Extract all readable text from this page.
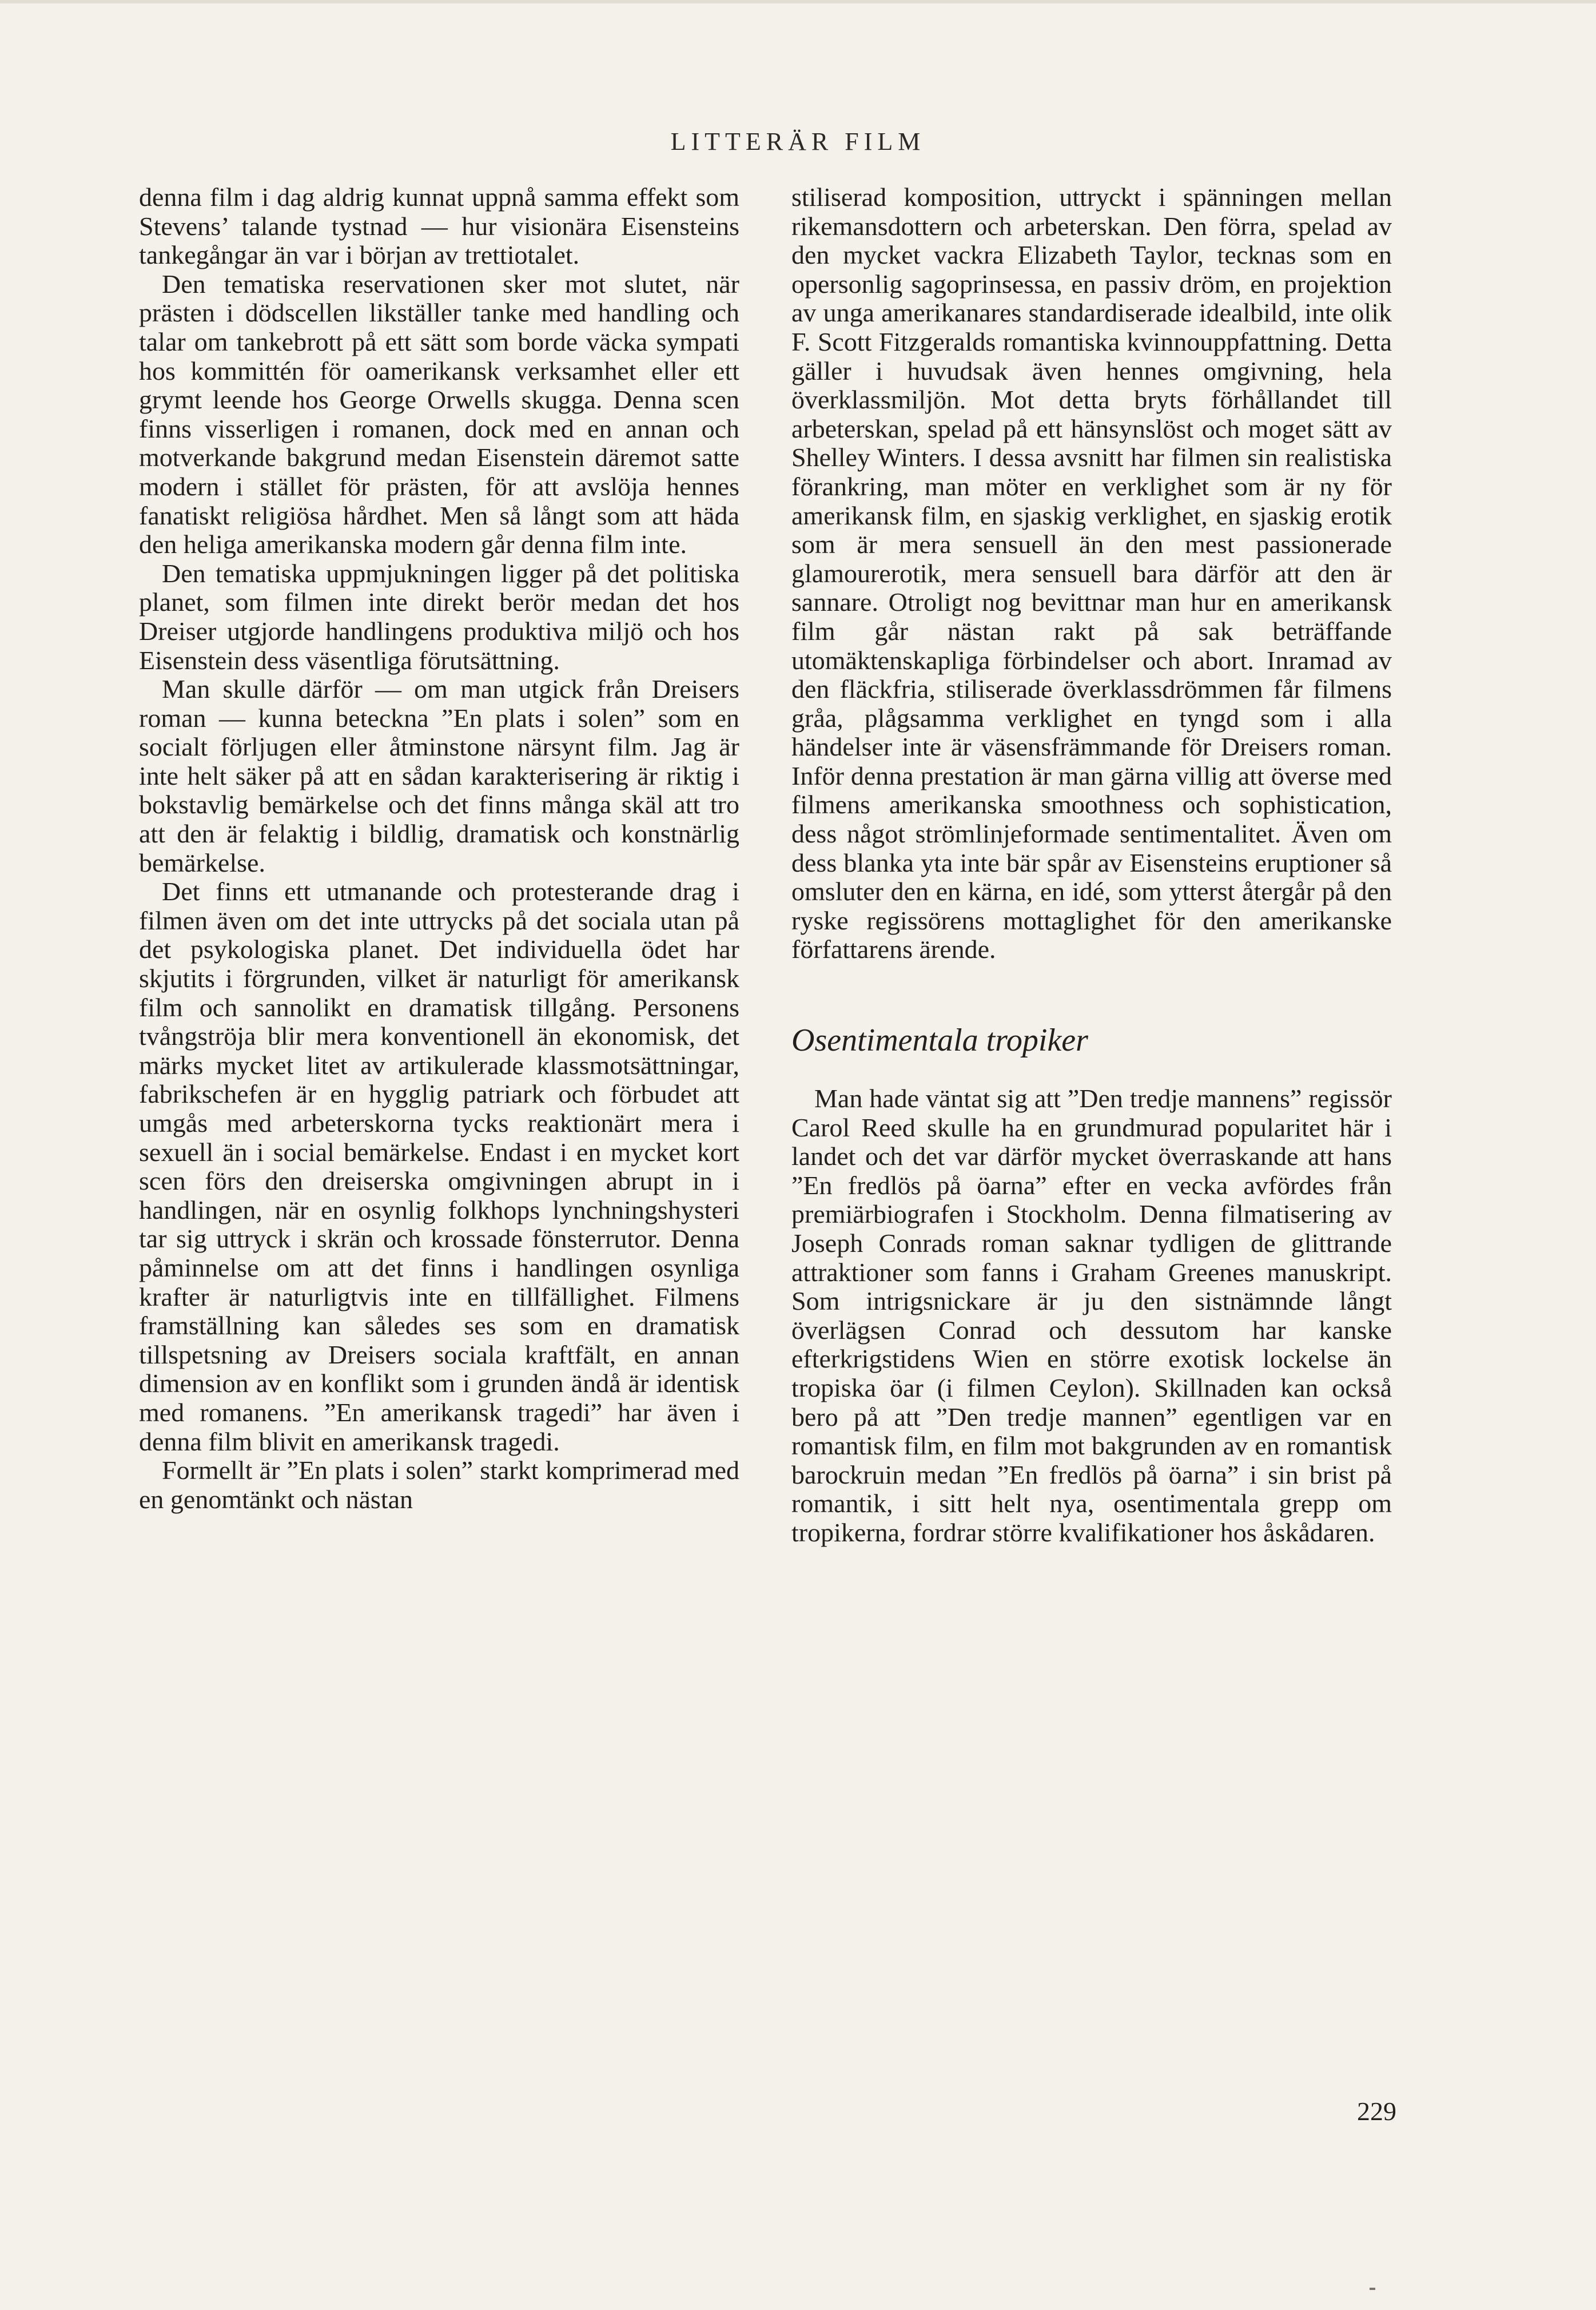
LITTERÄR FILM

denna film i dag aldrig kunnat uppnå samma effekt som Stevens’ talande tystnad — hur visionära Eisensteins tankegångar än var i början av trettiotalet.

Den tematiska reservationen sker mot slutet, när prästen i dödscellen likställer tanke med handling och talar om tankebrott på ett sätt som borde väcka sympati hos kommittén för oamerikansk verksamhet eller ett grymt leende hos George Orwells skugga. Denna scen finns visserligen i romanen, dock med en annan och motverkande bakgrund medan Eisenstein däremot satte modern i stället för prästen, för att avslöja hennes fanatiskt religiösa hårdhet. Men så långt som att häda den heliga amerikanska modern går denna film inte.

Den tematiska uppmjukningen ligger på det politiska planet, som filmen inte direkt berör medan det hos Dreiser utgjorde handlingens produktiva miljö och hos Eisenstein dess väsentliga förutsättning.

Man skulle därför — om man utgick från Dreisers roman — kunna beteckna ”En plats i solen” som en socialt förljugen eller åtminstone närsynt film. Jag är inte helt säker på att en sådan karakterisering är riktig i bokstavlig bemärkelse och det finns många skäl att tro att den är felaktig i bildlig, dramatisk och konstnärlig bemärkelse.

Det finns ett utmanande och protesterande drag i filmen även om det inte uttrycks på det sociala utan på det psykologiska planet. Det individuella ödet har skjutits i förgrunden, vilket är naturligt för amerikansk film och sannolikt en dramatisk tillgång. Personens tvångströja blir mera konventionell än ekonomisk, det märks mycket litet av artikulerade klassmotsättningar, fabrikschefen är en hygglig patriark och förbudet att umgås med arbeterskorna tycks reaktionärt mera i sexuell än i social bemärkelse. Endast i en mycket kort scen förs den dreiserska omgivningen abrupt in i handlingen, när en osynlig folkhops lynchningshysteri tar sig uttryck i skrän och krossade fönsterrutor. Denna påminnelse om att det finns i handlingen osynliga krafter är naturligtvis inte en tillfällighet. Filmens framställning kan således ses som en dramatisk tillspetsning av Dreisers sociala kraftfält, en annan dimension av en konflikt som i grunden ändå är identisk med romanens. ”En amerikansk tragedi” har även i denna film blivit en amerikansk tragedi.

Formellt är ”En plats i solen” starkt komprimerad med en genomtänkt och nästan

stiliserad komposition, uttryckt i spänningen mellan rikemansdottern och arbeterskan. Den förra, spelad av den mycket vackra Elizabeth Taylor, tecknas som en opersonlig sagoprinsessa, en passiv dröm, en projektion av unga amerikanares standardiserade idealbild, inte olik F. Scott Fitzgeralds romantiska kvinnouppfattning. Detta gäller i huvudsak även hennes omgivning, hela överklassmiljön. Mot detta bryts förhållandet till arbeterskan, spelad på ett hänsynslöst och moget sätt av Shelley Winters. I dessa avsnitt har filmen sin realistiska förankring, man möter en verklighet som är ny för amerikansk film, en sjaskig verklighet, en sjaskig erotik som är mera sensuell än den mest passionerade glamourerotik, mera sensuell bara därför att den är sannare. Otroligt nog bevittnar man hur en amerikansk film går nästan rakt på sak beträffande utomäktenskapliga förbindelser och abort. Inramad av den fläckfria, stiliserade överklassdrömmen får filmens gråa, plågsamma verklighet en tyngd som i alla händelser inte är väsensfrämmande för Dreisers roman. Inför denna prestation är man gärna villig att överse med filmens amerikanska smoothness och sophistication, dess något strömlinjeformade sentimentalitet. Även om dess blanka yta inte bär spår av Eisensteins eruptioner så omsluter den en kärna, en idé, som ytterst återgår på den ryske regissörens mottaglighet för den amerikanske författarens ärende.

Osentimentala tropiker

Man hade väntat sig att ”Den tredje mannens” regissör Carol Reed skulle ha en grundmurad popularitet här i landet och det var därför mycket överraskande att hans ”En fredlös på öarna” efter en vecka avfördes från premiärbiografen i Stockholm. Denna filmatisering av Joseph Conrads roman saknar tydligen de glittrande attraktioner som fanns i Graham Greenes manuskript. Som intrigsnickare är ju den sistnämnde långt överlägsen Conrad och dessutom har kanske efterkrigstidens Wien en större exotisk lockelse än tropiska öar (i filmen Ceylon). Skillnaden kan också bero på att ”Den tredje mannen” egentligen var en romantisk film, en film mot bakgrunden av en romantisk barockruin medan ”En fredlös på öarna” i sin brist på romantik, i sitt helt nya, osentimentala grepp om tropikerna, fordrar större kvalifikationer hos åskådaren.

229
